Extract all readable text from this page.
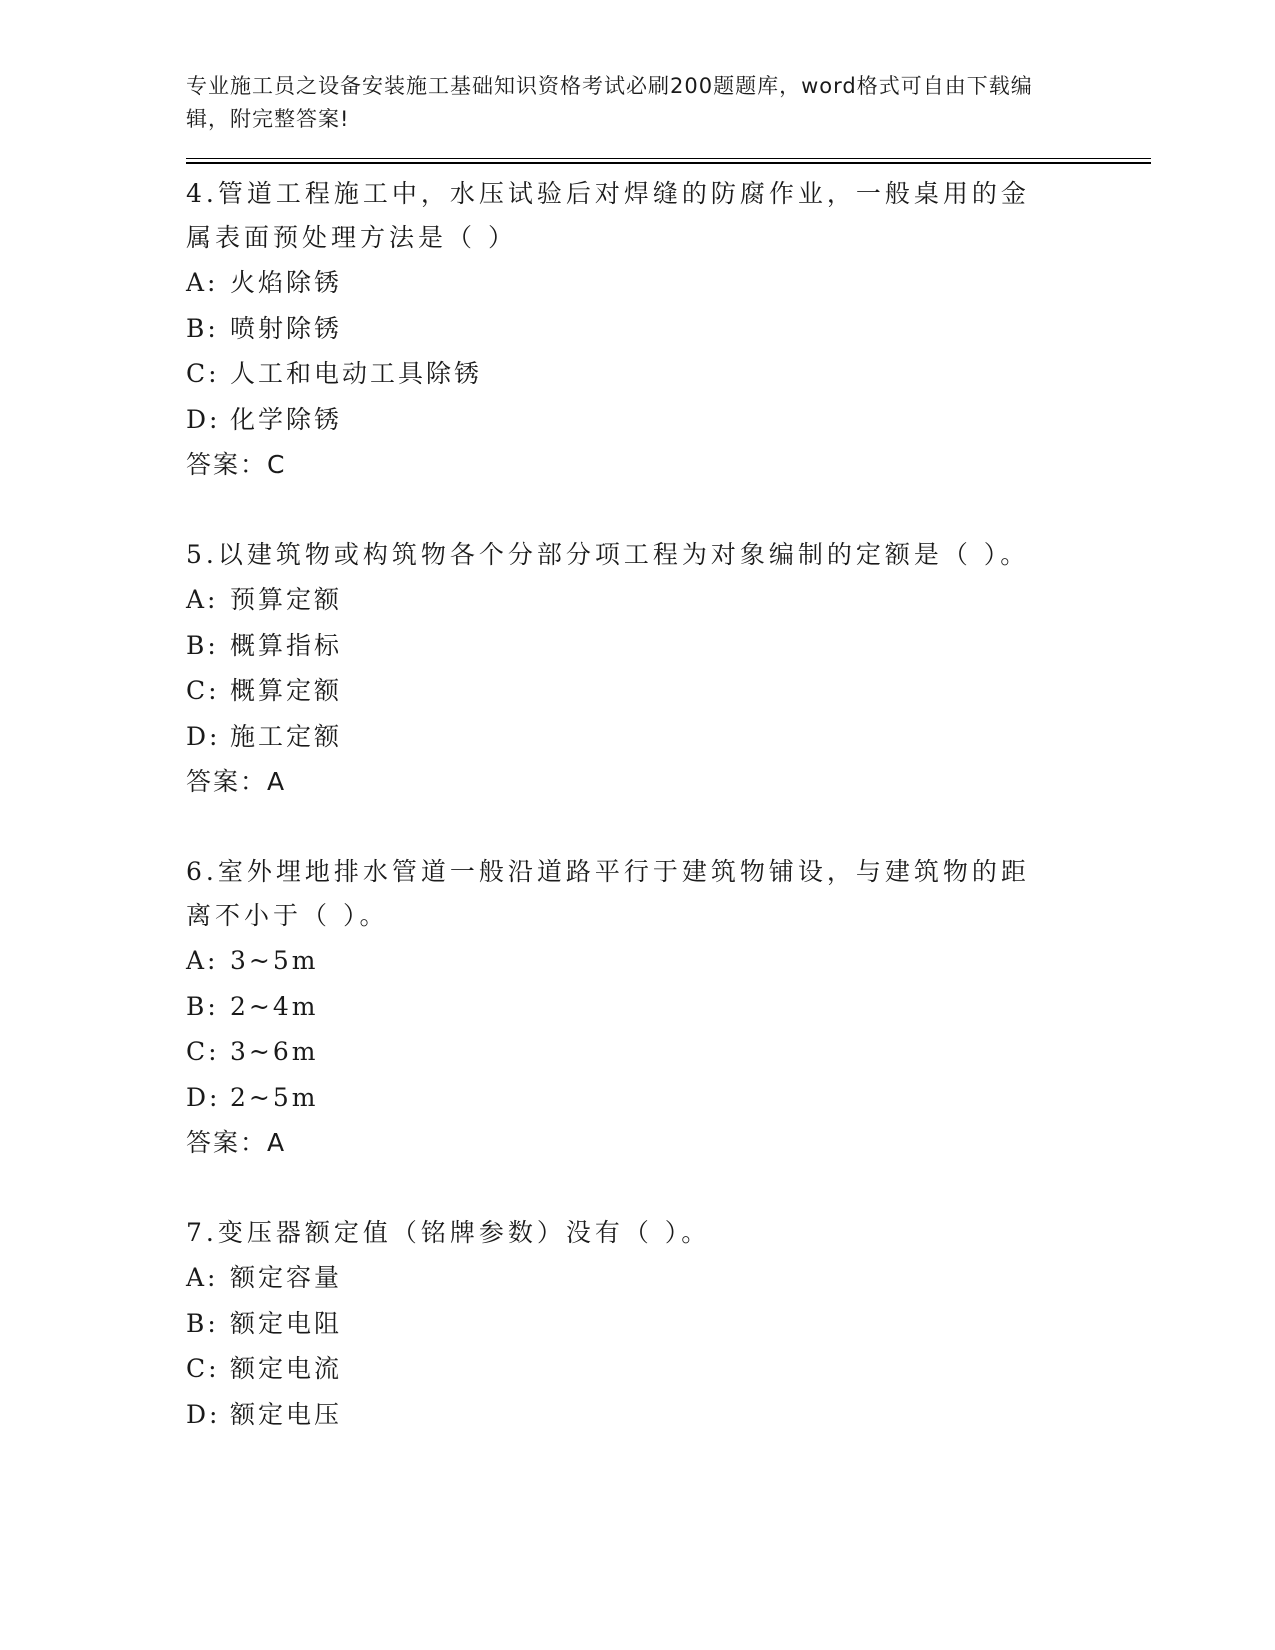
专业施工员之设备安装施工基础知识资格考试必刷200题题库，word格式可自由下载编辑，附完整答案!

4.管道工程施工中，水压试验后对焊缝的防腐作业，一般桌用的金属表面预处理方法是（ ）

A: 火焰除锈

B: 喷射除锈

C: 人工和电动工具除锈

D: 化学除锈

答案：C

5.以建筑物或构筑物各个分部分项工程为对象编制的定额是（ ）。

A: 预算定额

B: 概算指标

C: 概算定额

D: 施工定额

答案：A

6.室外埋地排水管道一般沿道路平行于建筑物铺设，与建筑物的距离不小于（ ）。

A: 3~5m

B: 2~4m

C: 3~6m

D: 2~5m

答案：A

7.变压器额定值（铭牌参数）没有（ ）。

A: 额定容量

B: 额定电阻

C: 额定电流

D: 额定电压
